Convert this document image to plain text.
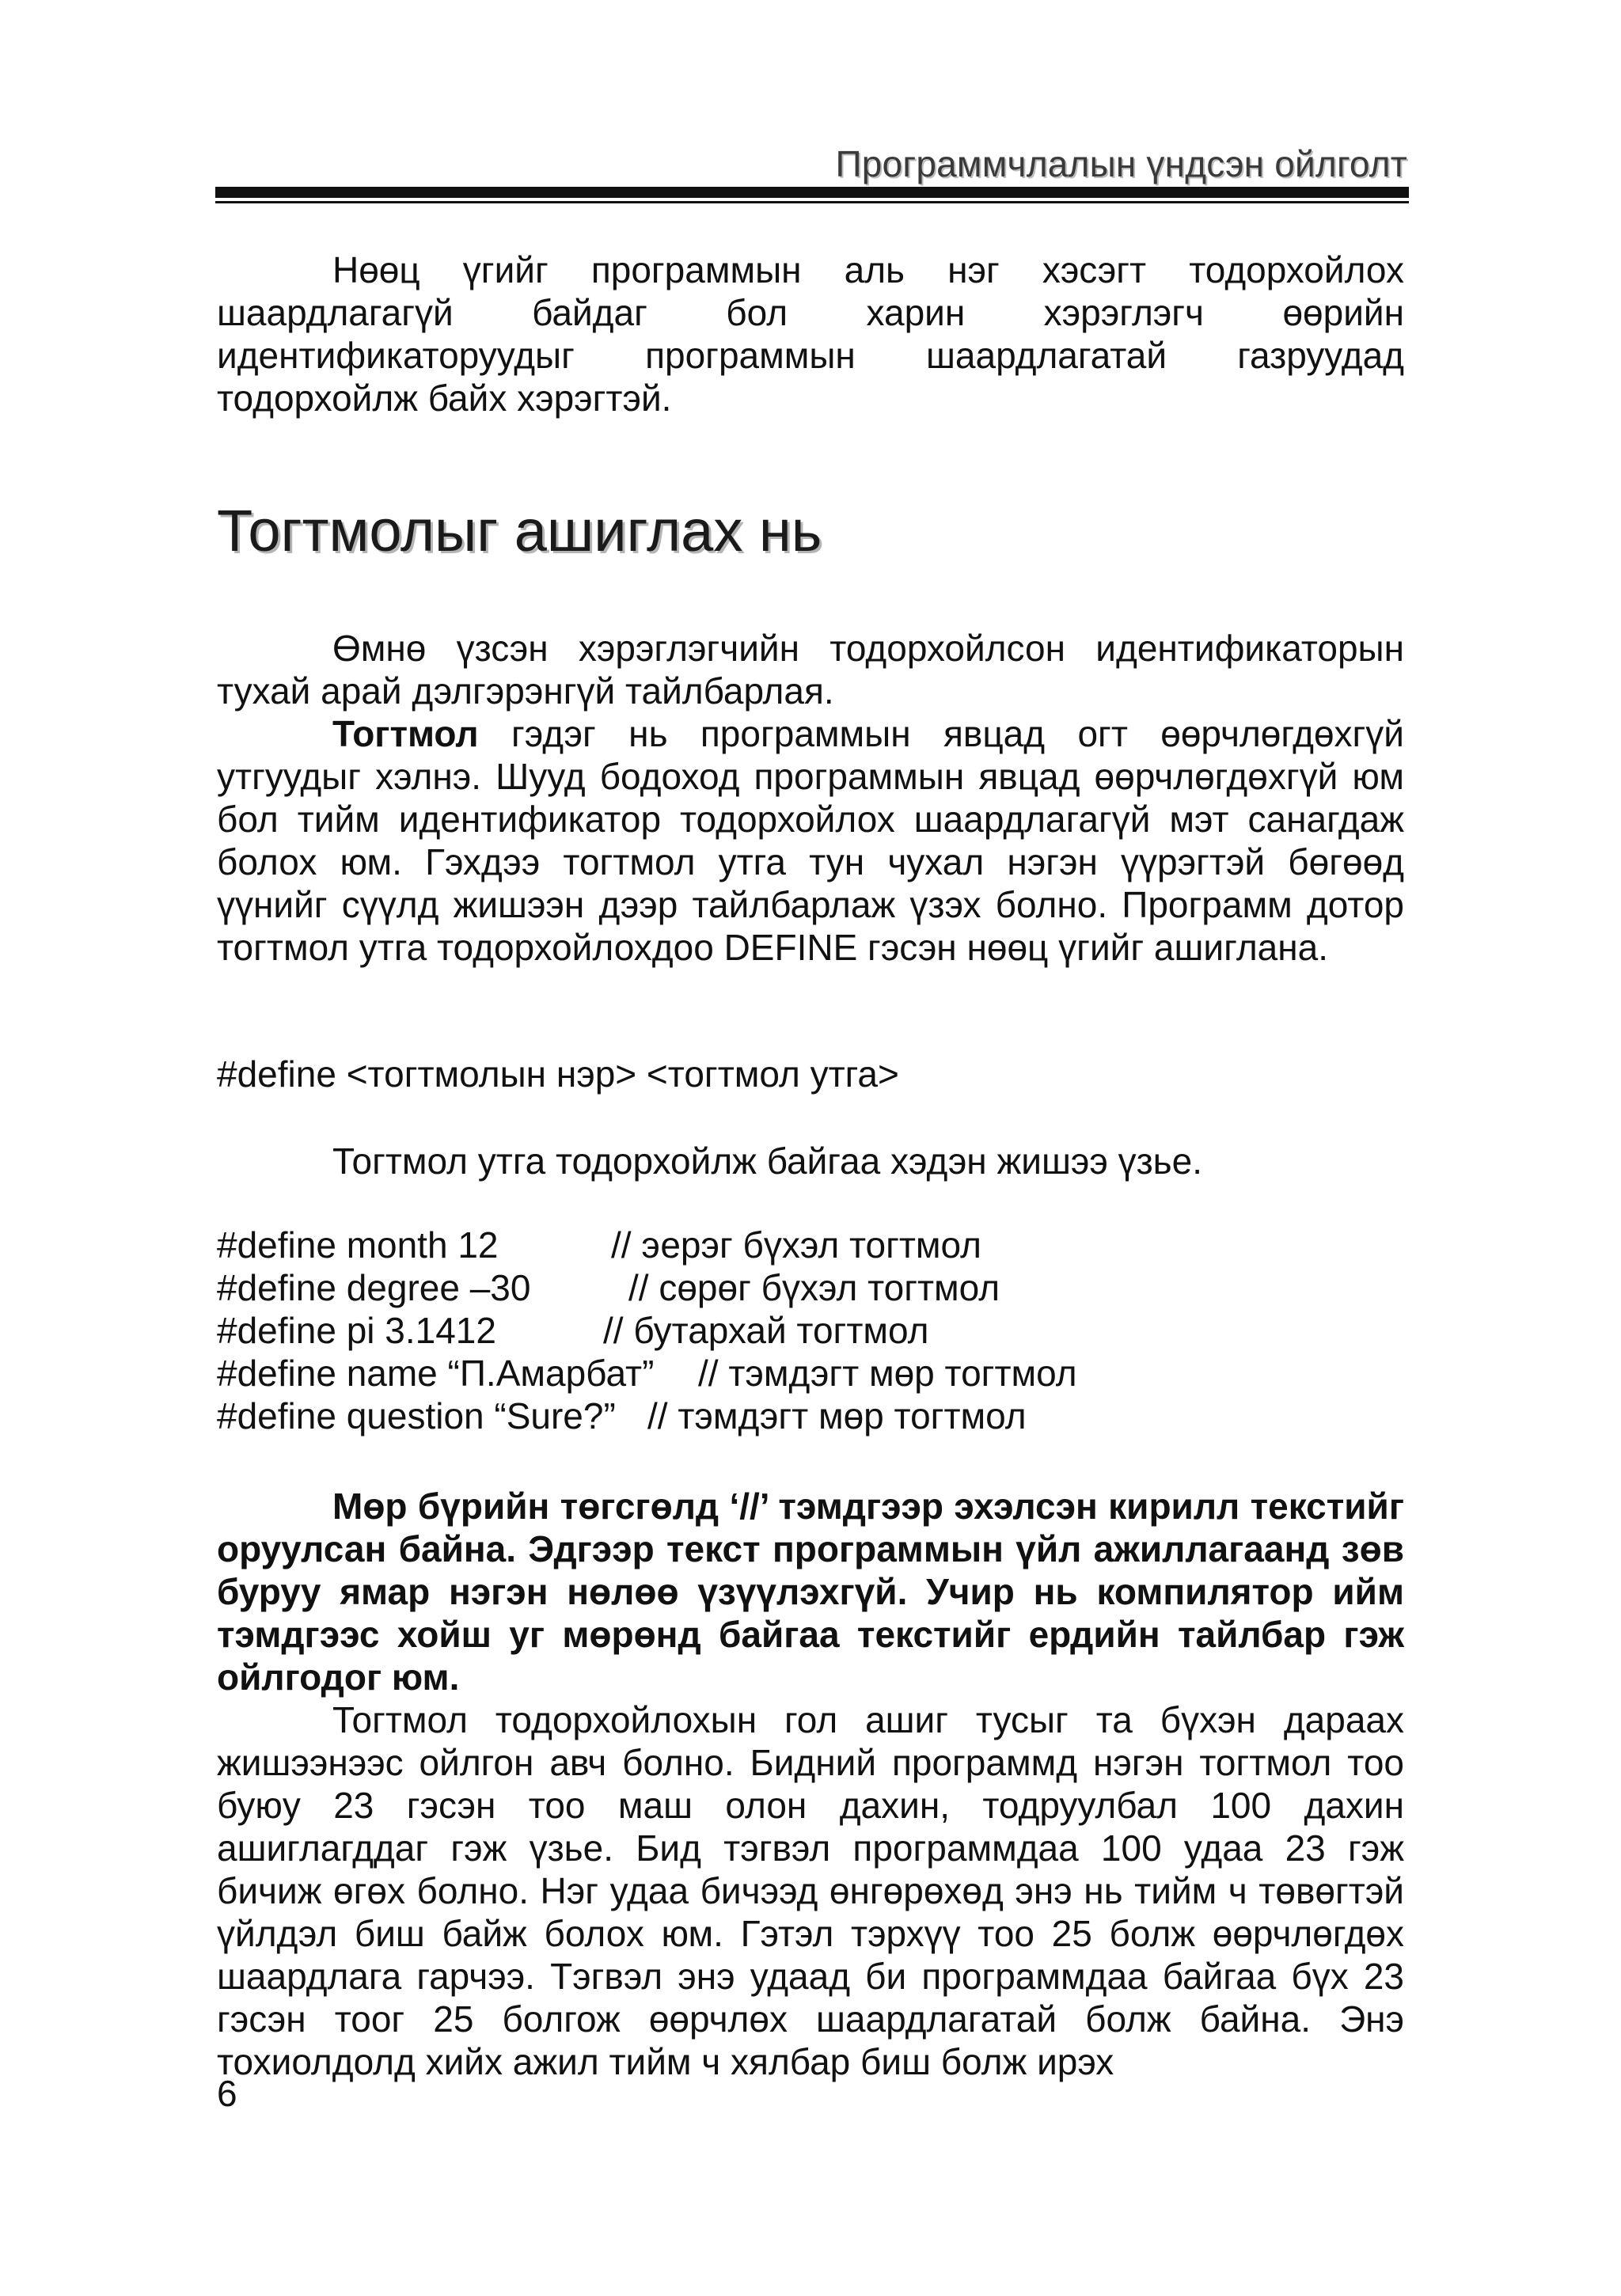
Программчлалын үндсэн ойлголт

Нөөц үгийг программын аль нэг хэсэгт тодорхойлох шаардлагагүй байдаг бол харин хэрэглэгч өөрийн идентификаторуудыг программын шаардлагатай газруудад тодорхойлж байх хэрэгтэй.

Тогтмолыг ашиглах нь

Өмнө үзсэн хэрэглэгчийн тодорхойлсон идентификаторын тухай арай дэлгэрэнгүй тайлбарлая.

Тогтмол гэдэг нь программын явцад огт өөрчлөгдөхгүй утгуудыг хэлнэ. Шууд бодоход программын явцад өөрчлөгдөхгүй юм бол тийм идентификатор тодорхойлох шаардлагагүй мэт санагдаж болох юм. Гэхдээ тогтмол утга тун чухал нэгэн үүрэгтэй бөгөөд үүнийг сүүлд жишээн дээр тайлбарлаж үзэх болно. Программ дотор тогтмол утга тодорхойлохдоо DEFINE гэсэн нөөц үгийг ашиглана.

#define <тогтмолын нэр> <тогтмол утга>
Тогтмол утга тодорхойлж байгаа хэдэн жишээ үзье.
#define month 12	// эерэг бүхэл тогтмол
#define degree –30	// сөрөг бүхэл тогтмол
#define pi 3.1412	// бутархай тогтмол
#define name “П.Амарбат” // тэмдэгт мөр тогтмол
#define question “Sure?” // тэмдэгт мөр тогтмол

Мөр бүрийн төгсгөлд ‘//’ тэмдгээр эхэлсэн кирилл текстийг оруулсан байна. Эдгээр текст программын үйл ажиллагаанд зөв буруу ямар нэгэн нөлөө үзүүлэхгүй. Учир нь компилятор ийм тэмдгээс хойш уг мөрөнд байгаа текстийг ердийн тайлбар гэж ойлгодог юм.

Тогтмол тодорхойлохын гол ашиг тусыг та бүхэн дараах жишээнээс ойлгон авч болно. Бидний программд нэгэн тогтмол тоо буюу 23 гэсэн тоо маш олон дахин, тодруулбал 100 дахин ашиглагддаг гэж үзье. Бид тэгвэл программдаа 100 удаа 23 гэж бичиж өгөх болно. Нэг удаа бичээд өнгөрөхөд энэ нь тийм ч төвөгтэй үйлдэл биш байж болох юм. Гэтэл тэрхүү тоо 25 болж өөрчлөгдөх шаардлага гарчээ. Тэгвэл энэ удаад би программдаа байгаа бүх 23 гэсэн тоог 25 болгож өөрчлөх шаардлагатай болж байна. Энэ тохиолдолд хийх ажил тийм ч хялбар биш болж ирэх

6
